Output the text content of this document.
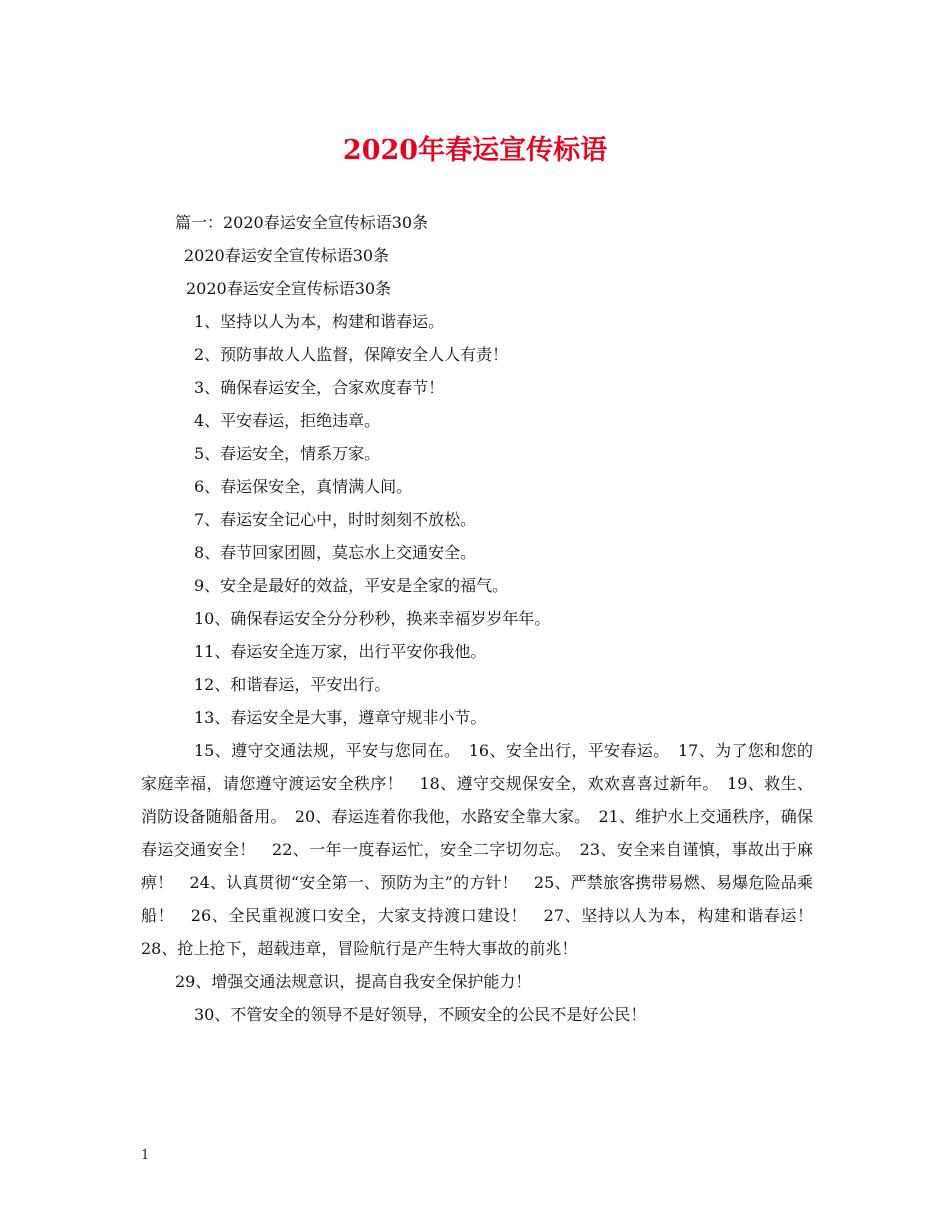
2020年春运宣传标语
篇一：2020春运安全宣传标语30条
2020春运安全宣传标语30条
2020春运安全宣传标语30条
1、坚持以人为本，构建和谐春运。
2、预防事故人人监督，保障安全人人有责！
3、确保春运安全，合家欢度春节！
4、平安春运，拒绝违章。
5、春运安全，情系万家。
6、春运保安全，真情满人间。
7、春运安全记心中，时时刻刻不放松。
8、春节回家团圆，莫忘水上交通安全。
9、安全是最好的效益，平安是全家的福气。
10、确保春运安全分分秒秒，换来幸福岁岁年年。
11、春运安全连万家，出行平安你我他。
12、和谐春运，平安出行。
13、春运安全是大事，遵章守规非小节。
15、遵守交通法规，平安与您同在。　16、安全出行，平安春运。　17、为了您和您的家庭幸福，请您遵守渡运安全秩序！　18、遵守交规保安全，欢欢喜喜过新年。　19、救生、消防设备随船备用。　20、春运连着你我他，水路安全靠大家。　21、维护水上交通秩序，确保春运交通安全！　22、一年一度春运忙，安全二字切勿忘。　23、安全来自谨慎，事故出于麻痹！　24、认真贯彻“安全第一、预防为主”的方针！　25、严禁旅客携带易燃、易爆危险品乘船！　26、全民重视渡口安全，大家支持渡口建设！　27、坚持以人为本，构建和谐春运！　28、抢上抢下，超载违章，冒险航行是产生特大事故的前兆！
29、增强交通法规意识，提高自我安全保护能力！
30、不管安全的领导不是好领导，不顾安全的公民不是好公民！
1
